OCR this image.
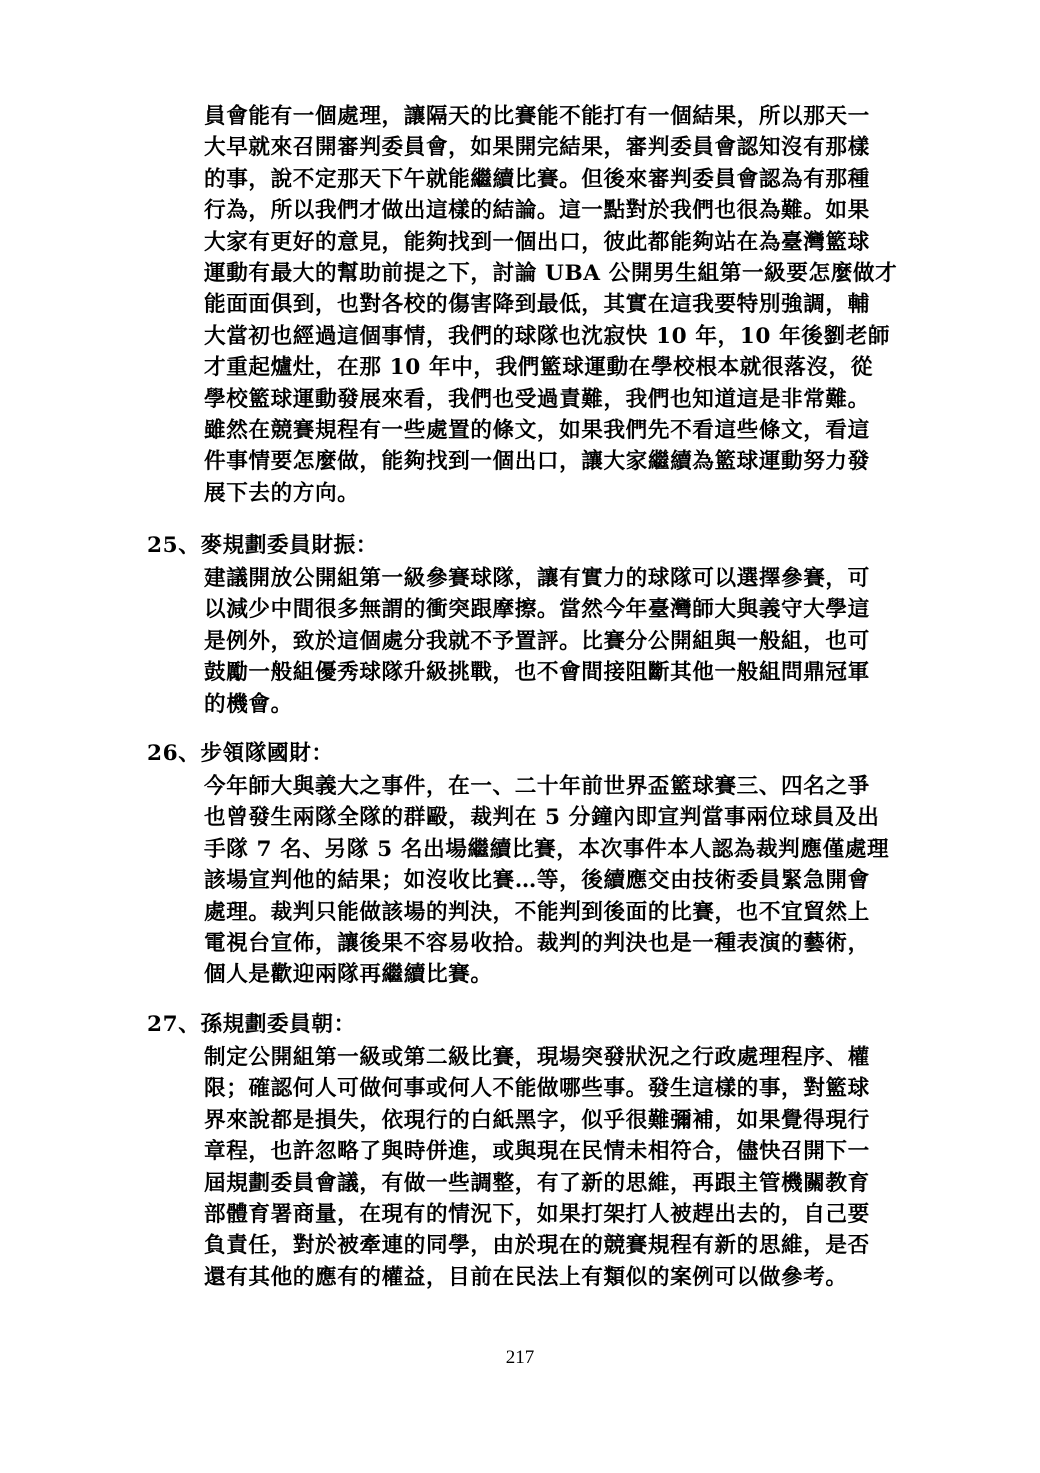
員會能有一個處理，讓隔天的比賽能不能打有一個結果，所以那天一
大早就來召開審判委員會，如果開完結果，審判委員會認知沒有那樣
的事，說不定那天下午就能繼續比賽。但後來審判委員會認為有那種
行為，所以我們才做出這樣的結論。這一點對於我們也很為難。如果
大家有更好的意見，能夠找到一個出口，彼此都能夠站在為臺灣籃球
運動有最大的幫助前提之下，討論 UBA 公開男生組第一級要怎麼做才
能面面俱到，也對各校的傷害降到最低，其實在這我要特別強調，輔
大當初也經過這個事情，我們的球隊也沈寂快 10 年，10 年後劉老師
才重起爐灶，在那 10 年中，我們籃球運動在學校根本就很落沒，從
學校籃球運動發展來看，我們也受過責難，我們也知道這是非常難。
雖然在競賽規程有一些處置的條文，如果我們先不看這些條文，看這
件事情要怎麼做，能夠找到一個出口，讓大家繼續為籃球運動努力發
展下去的方向。
25、麥規劃委員財振：
建議開放公開組第一級參賽球隊，讓有實力的球隊可以選擇參賽，可
以減少中間很多無謂的衝突跟摩擦。當然今年臺灣師大與義守大學這
是例外，致於這個處分我就不予置評。比賽分公開組與一般組，也可
鼓勵一般組優秀球隊升級挑戰，也不會間接阻斷其他一般組問鼎冠軍
的機會。
26、步領隊國財：
今年師大與義大之事件，在一、二十年前世界盃籃球賽三、四名之爭
也曾發生兩隊全隊的群毆，裁判在 5 分鐘內即宣判當事兩位球員及出
手隊 7 名、另隊 5 名出場繼續比賽，本次事件本人認為裁判應僅處理
該場宣判他的結果；如沒收比賽…等，後續應交由技術委員緊急開會
處理。裁判只能做該場的判決，不能判到後面的比賽，也不宜貿然上
電視台宣佈，讓後果不容易收拾。裁判的判決也是一種表演的藝術，
個人是歡迎兩隊再繼續比賽。
27、孫規劃委員朝：
制定公開組第一級或第二級比賽，現場突發狀況之行政處理程序、權
限；確認何人可做何事或何人不能做哪些事。發生這樣的事，對籃球
界來說都是損失，依現行的白紙黑字，似乎很難彌補，如果覺得現行
章程，也許忽略了與時併進，或與現在民情未相符合，儘快召開下一
屆規劃委員會議，有做一些調整，有了新的思維，再跟主管機關教育
部體育署商量，在現有的情況下，如果打架打人被趕出去的，自己要
負責任，對於被牽連的同學，由於現在的競賽規程有新的思維，是否
還有其他的應有的權益，目前在民法上有類似的案例可以做參考。
217
